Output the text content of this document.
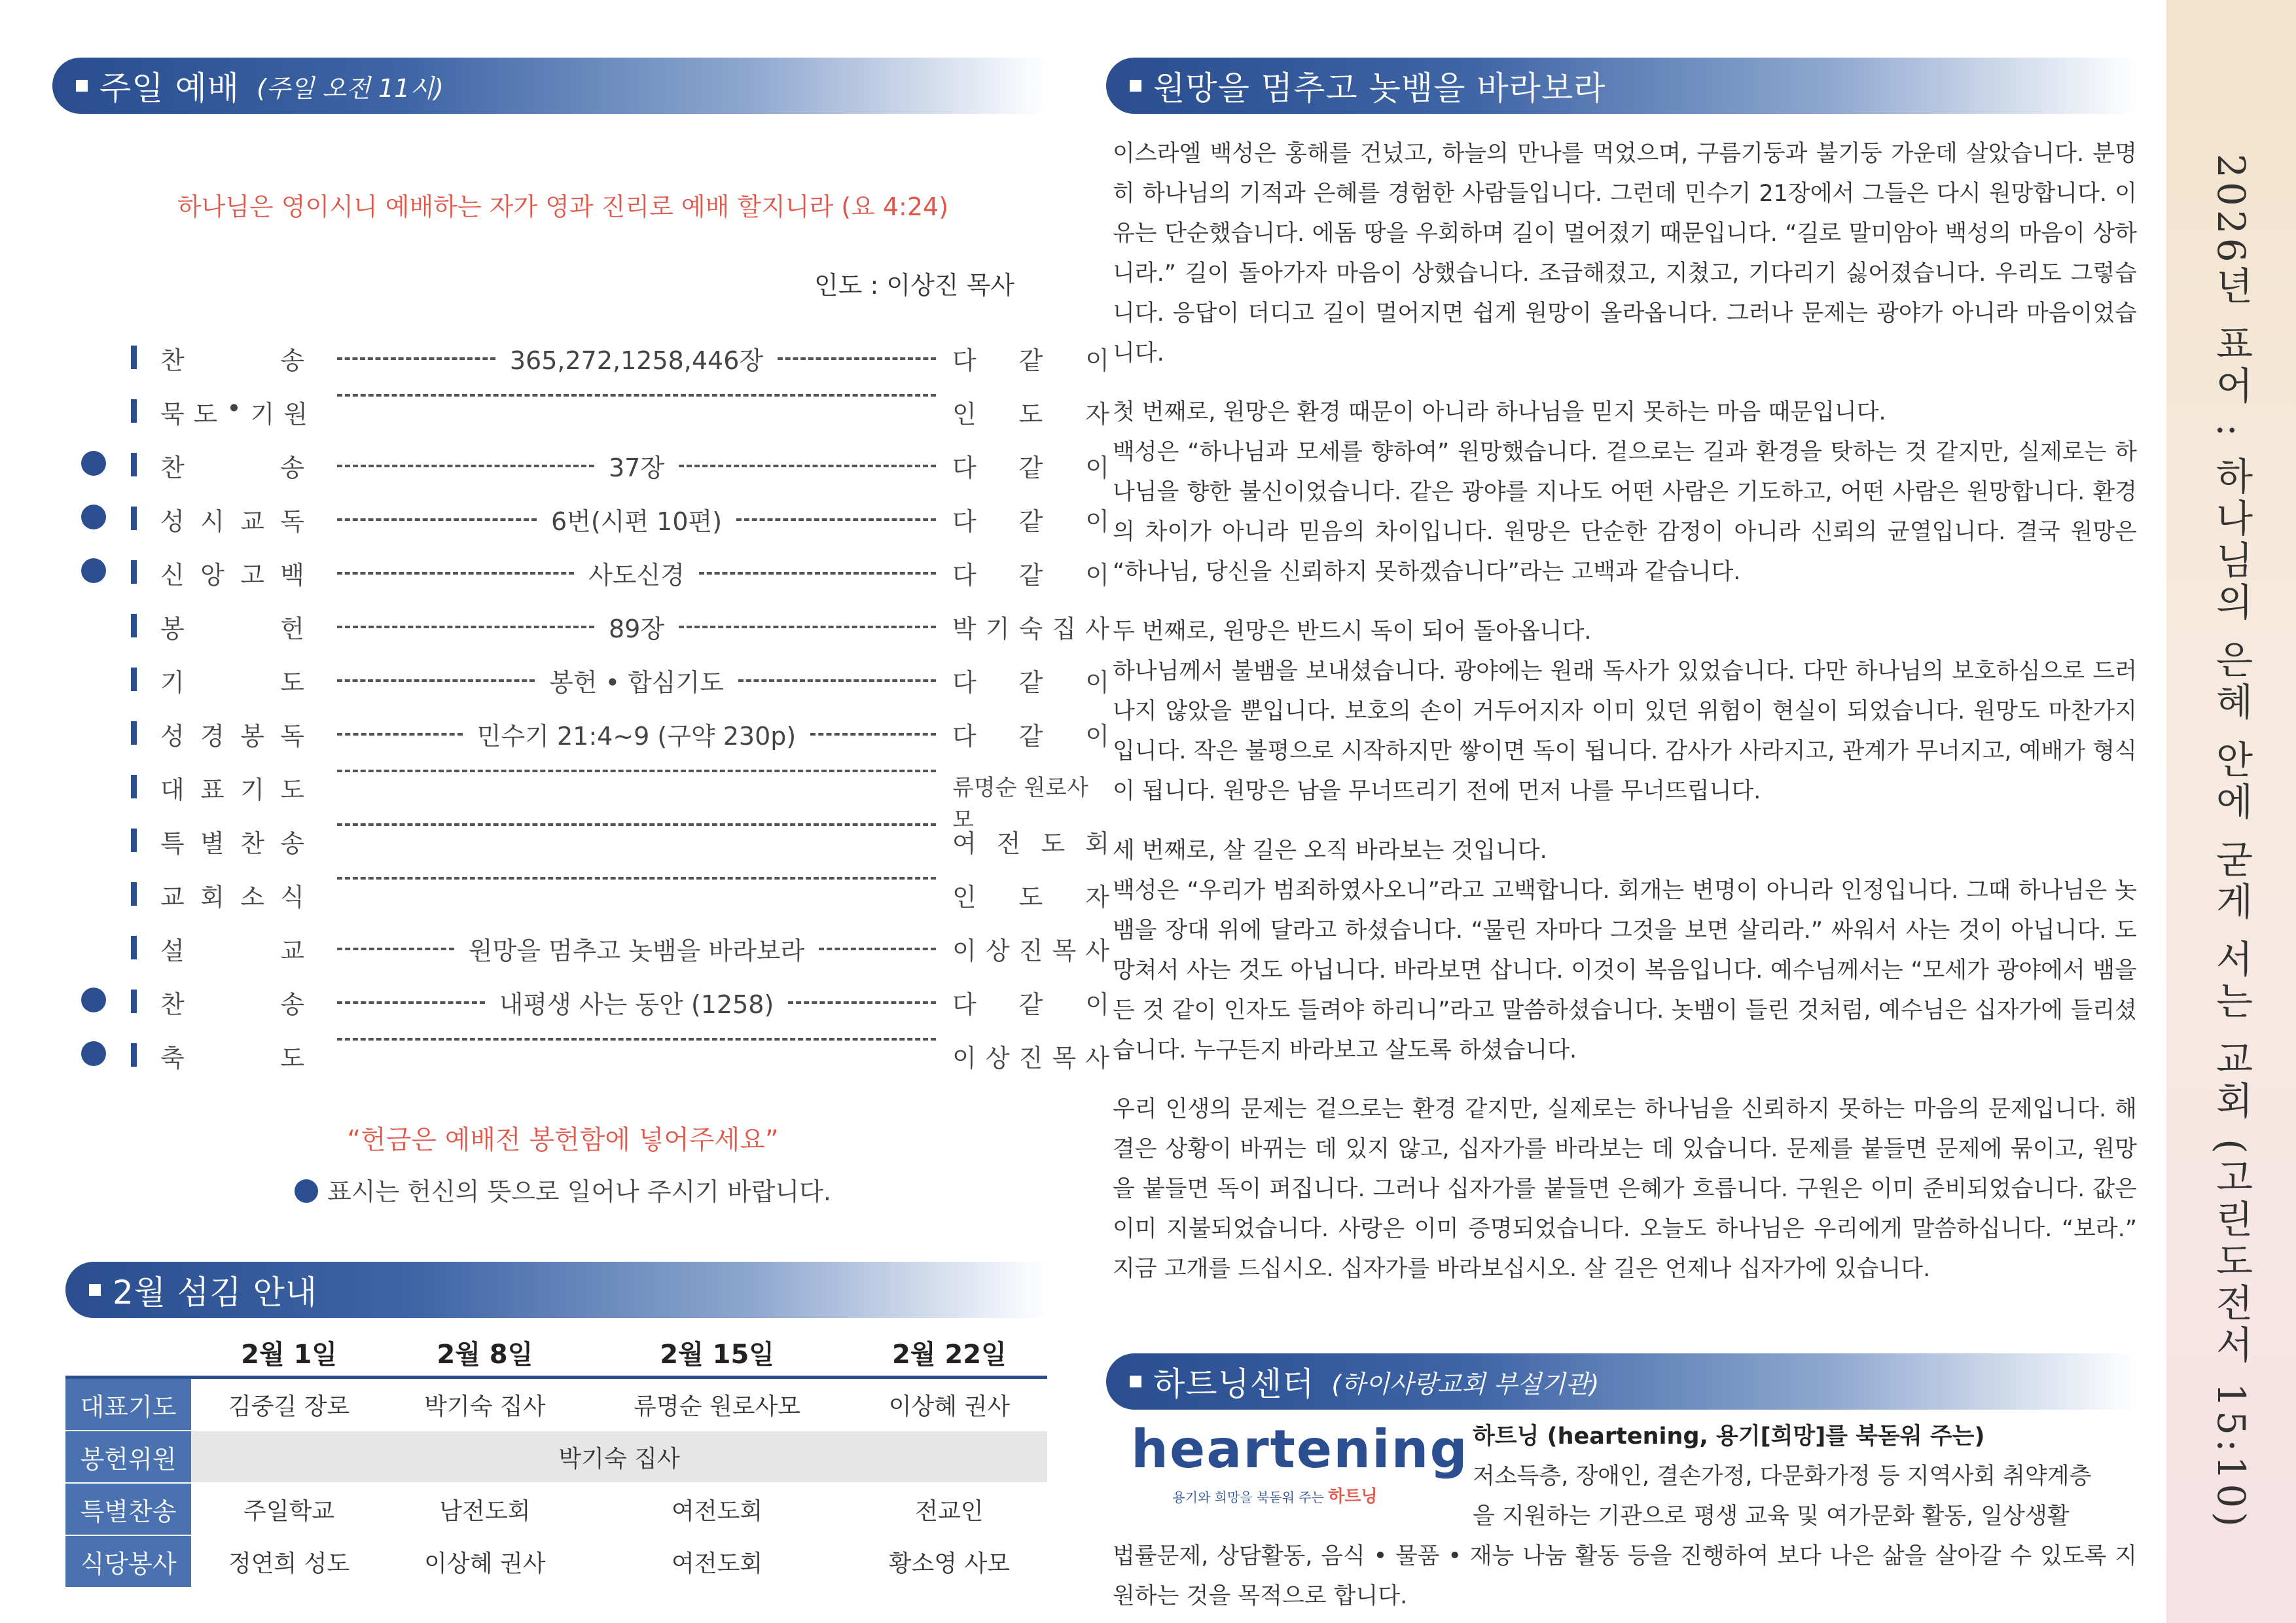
주일 예배 (주일 오전 11시)
하나님은 영이시니 예배하는 자가 영과 진리로 예배 할지니라 (요 4:24)
인도 : 이상진 목사
찬	송	365,272,1258,446장	다 같 이
묵 도 • 기 원	인 도 자
찬	송	37장	다 같 이
성 시 교 독	6번(시편 10편)	다 같 이
신 앙 고 백	사도신경	다 같 이
봉	헌	89장	박 기 숙 집 사
기	도	봉헌 • 합심기도	다 같 이
성 경 봉 독	민수기 21:4~9 (구약 230p)	다 같 이
대 표 기 도	류명순 원로사모
특 별 찬 송	여 전 도 회
교 회 소 식	인 도 자
설	교	원망을 멈추고 놋뱀을 바라보라	이 상 진 목 사
찬	송	내평생 사는 동안 (1258)	다 같 이
축	도	이 상 진 목 사
“헌금은 예배전 봉헌함에 넣어주세요”
표시는 헌신의 뜻으로 일어나 주시기 바랍니다.
2월 섬김 안내
	2월 1일	2월 8일	2월 15일	2월 22일
대표기도	김중길 장로	박기숙 집사	류명순 원로사모	이상혜 권사
봉헌위원	박기숙 집사			
특별찬송	주일학교	남전도회	여전도회	전교인
식당봉사	정연희 성도	이상혜 권사	여전도회	황소영 사모
원망을 멈추고 놋뱀을 바라보라
이스라엘 백성은 홍해를 건넜고, 하늘의 만나를 먹었으며, 구름기둥과 불기둥 가운데 살았습니다. 분명히 하나님의 기적과 은혜를 경험한 사람들입니다. 그런데 민수기 21장에서 그들은 다시 원망합니다. 이유는 단순했습니다. 에돔 땅을 우회하며 길이 멀어졌기 때문입니다. “길로 말미암아 백성의 마음이 상하니라.” 길이 돌아가자 마음이 상했습니다. 조급해졌고, 지쳤고, 기다리기 싫어졌습니다. 우리도 그렇습니다. 응답이 더디고 길이 멀어지면 쉽게 원망이 올라옵니다. 그러나 문제는 광야가 아니라 마음이었습니다.
첫 번째로, 원망은 환경 때문이 아니라 하나님을 믿지 못하는 마음 때문입니다.
백성은 “하나님과 모세를 향하여” 원망했습니다. 겉으로는 길과 환경을 탓하는 것 같지만, 실제로는 하나님을 향한 불신이었습니다. 같은 광야를 지나도 어떤 사람은 기도하고, 어떤 사람은 원망합니다. 환경의 차이가 아니라 믿음의 차이입니다. 원망은 단순한 감정이 아니라 신뢰의 균열입니다. 결국 원망은 “하나님, 당신을 신뢰하지 못하겠습니다”라는 고백과 같습니다.
두 번째로, 원망은 반드시 독이 되어 돌아옵니다.
하나님께서 불뱀을 보내셨습니다. 광야에는 원래 독사가 있었습니다. 다만 하나님의 보호하심으로 드러나지 않았을 뿐입니다. 보호의 손이 거두어지자 이미 있던 위험이 현실이 되었습니다. 원망도 마찬가지입니다. 작은 불평으로 시작하지만 쌓이면 독이 됩니다. 감사가 사라지고, 관계가 무너지고, 예배가 형식이 됩니다. 원망은 남을 무너뜨리기 전에 먼저 나를 무너뜨립니다.
세 번째로, 살 길은 오직 바라보는 것입니다.
백성은 “우리가 범죄하였사오니”라고 고백합니다. 회개는 변명이 아니라 인정입니다. 그때 하나님은 놋뱀을 장대 위에 달라고 하셨습니다. “물린 자마다 그것을 보면 살리라.” 싸워서 사는 것이 아닙니다. 도망쳐서 사는 것도 아닙니다. 바라보면 삽니다. 이것이 복음입니다. 예수님께서는 “모세가 광야에서 뱀을 든 것 같이 인자도 들려야 하리니”라고 말씀하셨습니다. 놋뱀이 들린 것처럼, 예수님은 십자가에 들리셨습니다. 누구든지 바라보고 살도록 하셨습니다.
우리 인생의 문제는 겉으로는 환경 같지만, 실제로는 하나님을 신뢰하지 못하는 마음의 문제입니다. 해결은 상황이 바뀌는 데 있지 않고, 십자가를 바라보는 데 있습니다. 문제를 붙들면 문제에 묶이고, 원망을 붙들면 독이 퍼집니다. 그러나 십자가를 붙들면 은혜가 흐릅니다. 구원은 이미 준비되었습니다. 값은 이미 지불되었습니다. 사랑은 이미 증명되었습니다. 오늘도 하나님은 우리에게 말씀하십니다. “보라.” 지금 고개를 드십시오. 십자가를 바라보십시오. 살 길은 언제나 십자가에 있습니다.
하트닝센터 (하이사랑교회 부설기관)
heartening
용기와 희망을 북돋워 주는 하트닝
하트닝 (heartening, 용기[희망]를 북돋워 주는)
저소득층, 장애인, 결손가정, 다문화가정 등 지역사회 취약계층
을 지원하는 기관으로 평생 교육 및 여가문화 활동, 일상생활
법률문제, 상담활동, 음식 • 물품 • 재능 나눔 활동 등을 진행하여 보다 나은 삶을 살아갈 수 있도록 지원하는 것을 목적으로 합니다.
2026년 표어 : 하나님의 은혜 안에 굳게 서는 교회 (고린도전서 15:10)
